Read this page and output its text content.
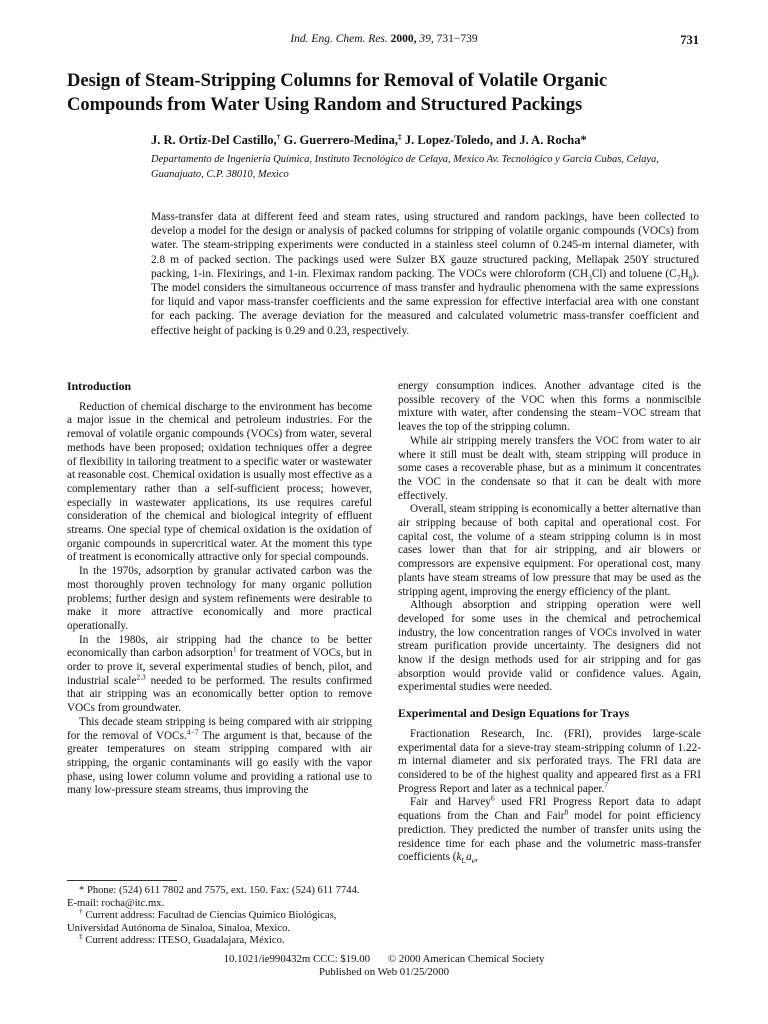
Ind. Eng. Chem. Res. 2000, 39, 731−739	731
Design of Steam-Stripping Columns for Removal of Volatile Organic Compounds from Water Using Random and Structured Packings
J. R. Ortiz-Del Castillo,† G. Guerrero-Medina,‡ J. Lopez-Toledo, and J. A. Rocha*
Departamento de Ingeniería Química, Instituto Tecnológico de Celaya, Mexico Av. Tecnológico y Garcia Cubas, Celaya, Guanajuato, C.P. 38010, Mexico

Mass-transfer data at different feed and steam rates, using structured and random packings, have been collected to develop a model for the design or analysis of packed columns for stripping of volatile organic compounds (VOCs) from water. The steam-stripping experiments were conducted in a stainless steel column of 0.245-m internal diameter, with 2.8 m of packed section. The packings used were Sulzer BX gauze structured packing, Mellapak 250Y structured packing, 1-in. Flexirings, and 1-in. Fleximax random packing. The VOCs were chloroform $(CH_3Cl)$ and toluene $(C_7H_8)$. The model considers the simultaneous occurrence of mass transfer and hydraulic phenomena with the same expressions for liquid and vapor mass-transfer coefficients and the same expression for effective interfacial area with one constant for each packing. The average deviation for the measured and calculated volumetric mass-transfer coefficient and effective height of packing is 0.29 and 0.23, respectively.

Introduction

Reduction of chemical discharge to the environment has become a major issue in the chemical and petroleum industries. For the removal of volatile organic compounds (VOCs) from water, several methods have been proposed; oxidation techniques offer a degree of flexibility in tailoring treatment to a specific water or wastewater at reasonable cost. Chemical oxidation is usually most effective as a complementary rather than a self-sufficient process; however, especially in wastewater applications, its use requires careful consideration of the chemical and biological integrity of effluent streams. One special type of chemical oxidation is the oxidation of organic compounds in supercritical water. At the moment this type of treatment is economically attractive only for special compounds.

In the 1970s, adsorption by granular activated carbon was the most thoroughly proven technology for many organic pollution problems; further design and system refinements were desirable to make it more attractive economically and more practical operationally.

In the 1980s, air stripping had the chance to be better economically than carbon adsorption$^1$ for treatment of VOCs, but in order to prove it, several experimental studies of bench, pilot, and industrial scale$^{2,3}$ needed to be performed. The results confirmed that air stripping was an economically better option to remove VOCs from groundwater.

This decade steam stripping is being compared with air stripping for the removal of VOCs.$^{4-7}$ The argument is that, because of the greater temperatures on steam stripping compared with air stripping, the organic contaminants will go easily with the vapor phase, using lower column volume and providing a rational use to many low-pressure steam streams, thus improving the

energy consumption indices. Another advantage cited is the possible recovery of the VOC when this forms a nonmiscible mixture with water, after condensing the steam−VOC stream that leaves the top of the stripping column.

While air stripping merely transfers the VOC from water to air where it still must be dealt with, steam stripping will produce in some cases a recoverable phase, but as a minimum it concentrates the VOC in the condensate so that it can be dealt with more effectively.

Overall, steam stripping is economically a better alternative than air stripping because of both capital and operational cost. For capital cost, the volume of a steam stripping column is in most cases lower than that for air stripping, and air blowers or compressors are expensive equipment. For operational cost, many plants have steam streams of low pressure that may be used as the stripping agent, improving the energy efficiency of the plant.

Although absorption and stripping operation were well developed for some uses in the chemical and petrochemical industry, the low concentration ranges of VOCs involved in water stream purification provide uncertainty. The designers did not know if the design methods used for air stripping and for gas absorption would provide valid or confidence values. Again, experimental studies were needed.

Experimental and Design Equations for Trays

Fractionation Research, Inc. (FRI), provides large-scale experimental data for a sieve-tray steam-stripping column of 1.22-m internal diameter and six perforated trays. The FRI data are considered to be of the highest quality and appeared first as a FRI Progress Report and later as a technical paper.$^7$

Fair and Harvey$^6$ used FRI Progress Report data to adapt equations from the Chan and Fair$^8$ model for point efficiency prediction. They predicted the number of transfer units using the residence time for each phase and the volumetric mass-transfer coefficients ($k_La_e$,

* Phone: (524) 611 7802 and 7575, ext. 150. Fax: (524) 611 7744. E-mail: rocha@itc.mx.
† Current address: Facultad de Ciencias Químico Biológicas, Universidad Autónoma de Sinaloa, Sinaloa, Mexico.
‡ Current address: ITESO, Guadalajara, México.
10.1021/ie990432m CCC: $19.00 © 2000 American Chemical Society
Published on Web 01/25/2000
